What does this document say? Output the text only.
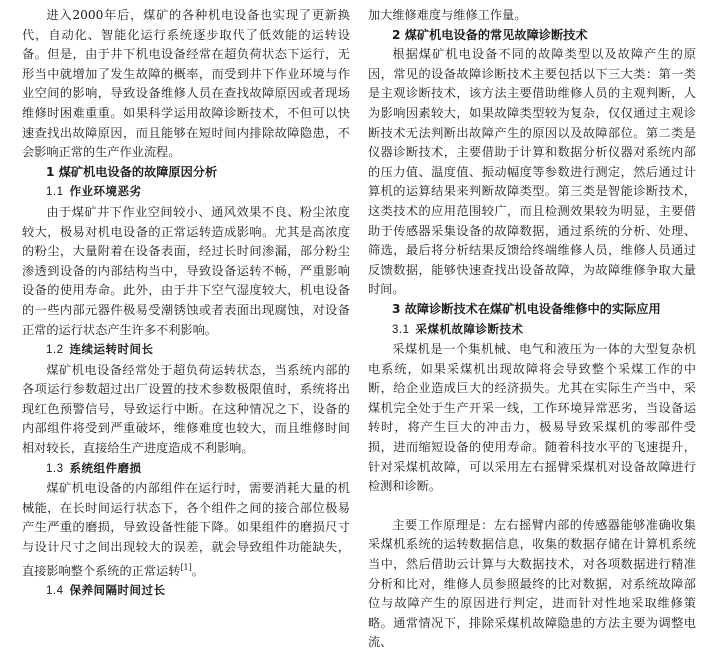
进入2000年后，煤矿的各种机电设备也实现了更新换代，自动化、智能化运行系统逐步取代了低效能的运转设备。但是，由于井下机电设备经常在超负荷状态下运行，无形当中就增加了发生故障的概率，而受到井下作业环境与作业空间的影响，导致设备维修人员在查找故障原因或者现场维修时困难重重。如果科学运用故障诊断技术，不但可以快速查找出故障原因，而且能够在短时间内排除故障隐患，不会影响正常的生产作业流程。

1 煤矿机电设备的故障原因分析
1.1 作业环境恶劣

由于煤矿井下作业空间较小、通风效果不良、粉尘浓度较大，极易对机电设备的正常运转造成影响。尤其是高浓度的粉尘，大量附着在设备表面，经过长时间渗漏，部分粉尘渗透到设备的内部结构当中，导致设备运转不畅，严重影响设备的使用寿命。此外，由于井下空气湿度较大，机电设备的一些内部元器件极易受潮锈蚀或者表面出现腐蚀，对设备正常的运行状态产生许多不利影响。

1.2 连续运转时间长

煤矿机电设备经常处于超负荷运转状态，当系统内部的各项运行参数超过出厂设置的技术参数极限值时，系统将出现红色预警信号，导致运行中断。在这种情况之下，设备的内部组件将受到严重破坏，维修难度也较大，而且维修时间相对较长，直接给生产进度造成不利影响。

1.3 系统组件磨损

煤矿机电设备的内部组件在运行时，需要消耗大量的机械能，在长时间运行状态下，各个组件之间的接合部位极易产生严重的磨损，导致设备性能下降。如果组件的磨损尺寸与设计尺寸之间出现较大的误差，就会导致组件功能缺失，直接影响整个系统的正常运转[1]。

1.4 保养间隔时间过长

加大维修难度与维修工作量。

2 煤矿机电设备的常见故障诊断技术

根据煤矿机电设备不同的故障类型以及故障产生的原因，常见的设备故障诊断技术主要包括以下三大类：第一类是主观诊断技术，该方法主要借助维修人员的主观判断，人为影响因素较大，如果故障类型较为复杂，仅仅通过主观诊断技术无法判断出故障产生的原因以及故障部位。第二类是仪器诊断技术，主要借助于计算和数据分析仪器对系统内部的压力值、温度值、振动幅度等参数进行测定，然后通过计算机的运算结果来判断故障类型。第三类是智能诊断技术，这类技术的应用范围较广，而且检测效果较为明显，主要借助于传感器采集设备的故障数据，通过系统的分析、处理、筛选，最后将分析结果反馈给终端维修人员，维修人员通过反馈数据，能够快速查找出设备故障，为故障维修争取大量时间。

3 故障诊断技术在煤矿机电设备维修中的实际应用
3.1 采煤机故障诊断技术

采煤机是一个集机械、电气和液压为一体的大型复杂机电系统，如果采煤机出现故障将会导致整个采煤工作的中断，给企业造成巨大的经济损失。尤其在实际生产当中，采煤机完全处于生产开采一线，工作环境异常恶劣，当设备运转时，将产生巨大的冲击力，极易导致采煤机的零部件受损，进而缩短设备的使用寿命。随着科技水平的飞速提升，针对采煤机故障，可以采用左右摇臂采煤机对设备故障进行检测和诊断。

主要工作原理是：左右摇臂内部的传感器能够准确收集采煤机系统的运转数据信息，收集的数据存储在计算机系统当中，然后借助云计算与大数据技术，对各项数据进行精准分析和比对，维修人员参照最终的比对数据，对系统故障部位与故障产生的原因进行判定，进而针对性地采取维修策略。通常情况下，排除采煤机故障隐患的方法主要为调整电流、
